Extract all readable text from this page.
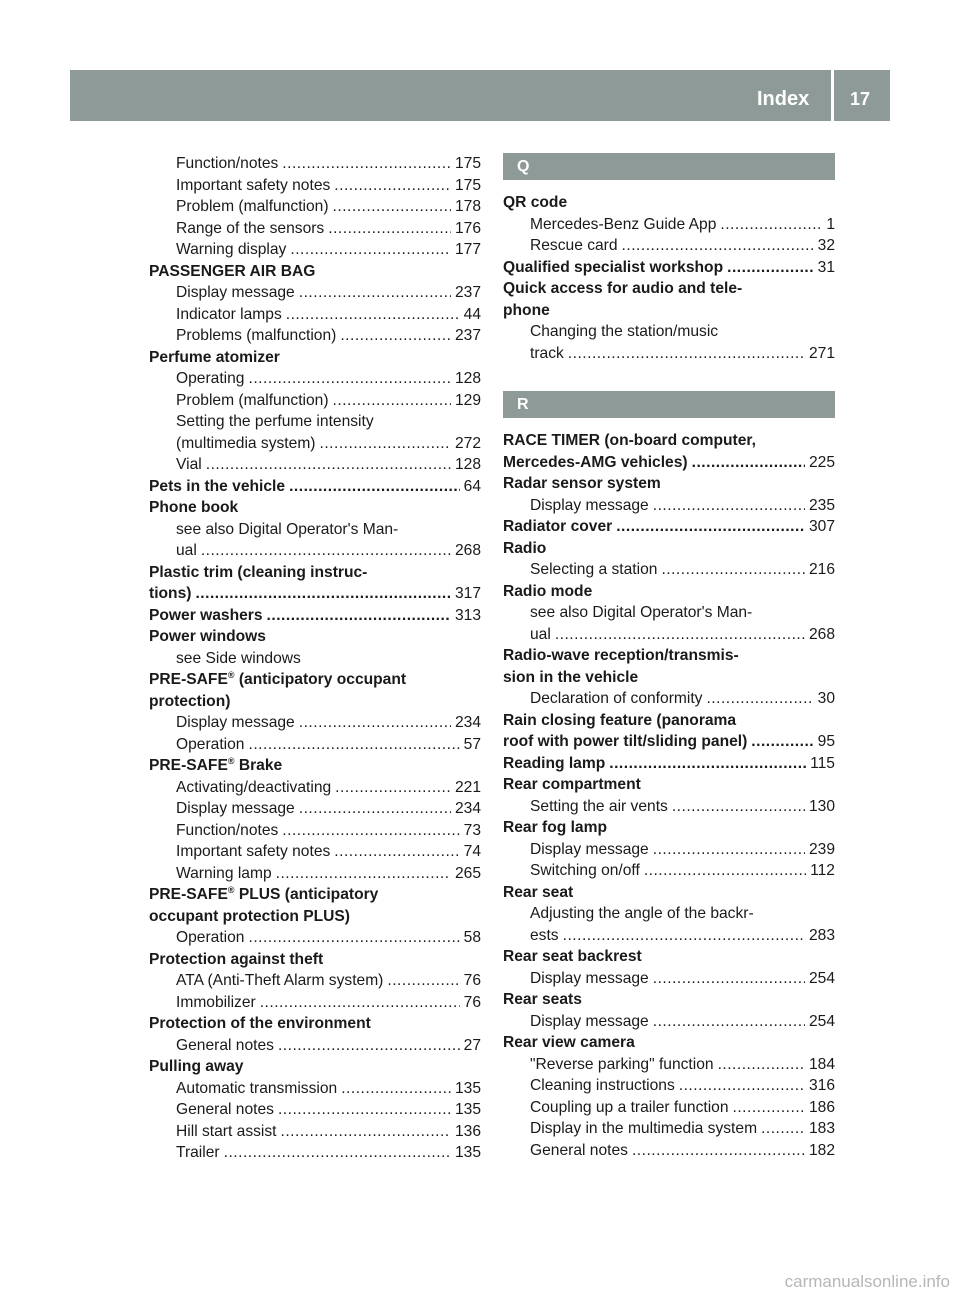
Index 17
Function/notes .....	175
Important safety notes .....	175
Problem (malfunction) .....	178
Range of the sensors .....	176
Warning display .....	177
PASSENGER AIR BAG
Display message .....	237
Indicator lamps .....	44
Problems (malfunction) .....	237
Perfume atomizer
Operating .....	128
Problem (malfunction) .....	129
Setting the perfume intensity
(multimedia system) .....	272
Vial .....	128
Pets in the vehicle .....	64
Phone book
see also Digital Operator's Man-
ual .....	268
Plastic trim (cleaning instruc-
tions) .....	317
Power washers .....	313
Power windows
see Side windows
PRE-SAFE® (anticipatory occupant
protection)
Display message .....	234
Operation .....	57
PRE-SAFE® Brake
Activating/deactivating .....	221
Display message .....	234
Function/notes .....	73
Important safety notes .....	74
Warning lamp .....	265
PRE-SAFE® PLUS (anticipatory
occupant protection PLUS)
Operation .....	58
Protection against theft
ATA (Anti-Theft Alarm system) .....	76
Immobilizer .....	76
Protection of the environment
General notes .....	27
Pulling away
Automatic transmission .....	135
General notes .....	135
Hill start assist .....	136
Trailer .....	135
Q
QR code
Mercedes-Benz Guide App .....	1
Rescue card .....	32
Qualified specialist workshop .....	31
Quick access for audio and tele-
phone
Changing the station/music
track .....	271
R
RACE TIMER (on-board computer,
Mercedes-AMG vehicles) .....	225
Radar sensor system
Display message .....	235
Radiator cover .....	307
Radio
Selecting a station .....	216
Radio mode
see also Digital Operator's Man-
ual .....	268
Radio-wave reception/transmis-
sion in the vehicle
Declaration of conformity .....	30
Rain closing feature (panorama
roof with power tilt/sliding panel) .....	95
Reading lamp .....	115
Rear compartment
Setting the air vents .....	130
Rear fog lamp
Display message .....	239
Switching on/off .....	112
Rear seat
Adjusting the angle of the backr-
ests .....	283
Rear seat backrest
Display message .....	254
Rear seats
Display message .....	254
Rear view camera
"Reverse parking" function .....	184
Cleaning instructions .....	316
Coupling up a trailer function .....	186
Display in the multimedia system .....	183
General notes .....	182
carmanualsonline.info
